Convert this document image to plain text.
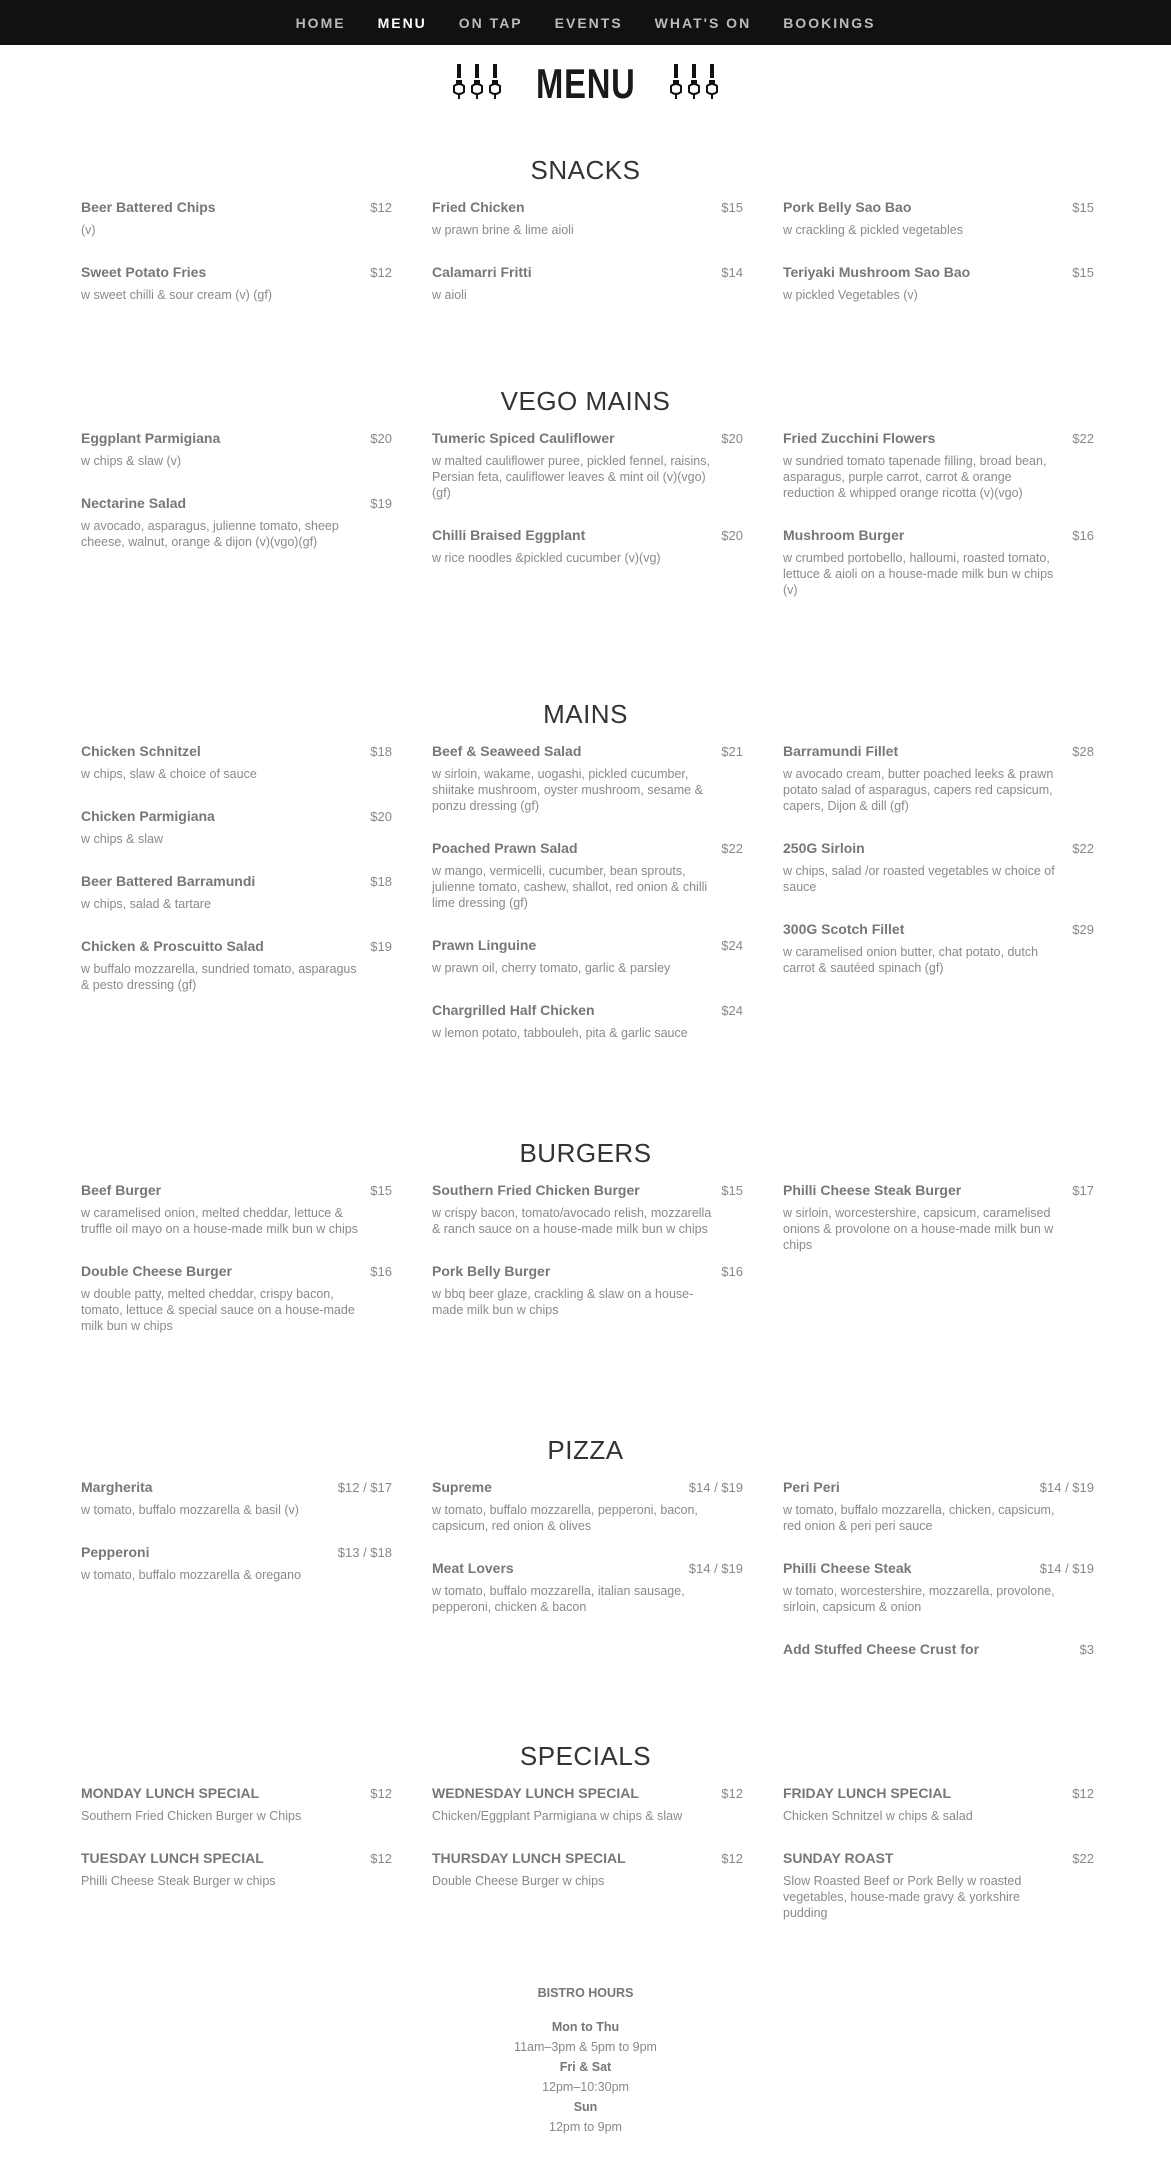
HOME MENU ON TAP EVENTS WHAT'S ON BOOKINGS
MENU
SNACKS
Beer Battered Chips	$12
(v)
Sweet Potato Fries	$12
w sweet chilli & sour cream (v) (gf)
Fried Chicken	$15
w prawn brine & lime aioli
Calamarri Fritti	$14
w aioli
Pork Belly Sao Bao	$15
w crackling & pickled vegetables
Teriyaki Mushroom Sao Bao	$15
w pickled Vegetables (v)
VEGO MAINS
Eggplant Parmigiana	$20
w chips & slaw (v)
Nectarine Salad	$19
w avocado, asparagus, julienne tomato, sheep cheese, walnut, orange & dijon (v)(vgo)(gf)
Tumeric Spiced Cauliflower	$20
w malted cauliflower puree, pickled fennel, raisins, Persian feta, cauliflower leaves & mint oil (v)(vgo)(gf)
Chilli Braised Eggplant	$20
w rice noodles &pickled cucumber (v)(vg)
Fried Zucchini Flowers	$22
w sundried tomato tapenade filling, broad bean, asparagus, purple carrot, carrot & orange reduction & whipped orange ricotta (v)(vgo)
Mushroom Burger	$16
w crumbed portobello, halloumi, roasted tomato, lettuce & aioli on a house-made milk bun w chips (v)
MAINS
Chicken Schnitzel	$18
w chips, slaw & choice of sauce
Chicken Parmigiana	$20
w chips & slaw
Beer Battered Barramundi	$18
w chips, salad & tartare
Chicken & Proscuitto Salad	$19
w buffalo mozzarella, sundried tomato, asparagus & pesto dressing (gf)
Beef & Seaweed Salad	$21
w sirloin, wakame, uogashi, pickled cucumber, shiitake mushroom, oyster mushroom, sesame & ponzu dressing (gf)
Poached Prawn Salad	$22
w mango, vermicelli, cucumber, bean sprouts, julienne tomato, cashew, shallot, red onion & chilli lime dressing (gf)
Prawn Linguine	$24
w prawn oil, cherry tomato, garlic & parsley
Chargrilled Half Chicken	$24
w lemon potato, tabbouleh, pita & garlic sauce
Barramundi Fillet	$28
w avocado cream, butter poached leeks & prawn potato salad of asparagus, capers red capsicum, capers, Dijon & dill (gf)
250G Sirloin	$22
w chips, salad /or roasted vegetables w choice of sauce
300G Scotch Fillet	$29
w caramelised onion butter, chat potato, dutch carrot & sautéed spinach (gf)
BURGERS
Beef Burger	$15
w caramelised onion, melted cheddar, lettuce & truffle oil mayo on a house-made milk bun w chips
Double Cheese Burger	$16
w double patty, melted cheddar, crispy bacon, tomato, lettuce & special sauce on a house-made milk bun w chips
Southern Fried Chicken Burger	$15
w crispy bacon, tomato/avocado relish, mozzarella & ranch sauce on a house-made milk bun w chips
Pork Belly Burger	$16
w bbq beer glaze, crackling & slaw on a house-made milk bun w chips
Philli Cheese Steak Burger	$17
w sirloin, worcestershire, capsicum, caramelised onions & provolone on a house-made milk bun w chips
PIZZA
Margherita	$12 / $17
w tomato, buffalo mozzarella & basil (v)
Pepperoni	$13 / $18
w tomato, buffalo mozzarella & oregano
Supreme	$14 / $19
w tomato, buffalo mozzarella, pepperoni, bacon, capsicum, red onion & olives
Meat Lovers	$14 / $19
w tomato, buffalo mozzarella, italian sausage, pepperoni, chicken & bacon
Peri Peri	$14 / $19
w tomato, buffalo mozzarella, chicken, capsicum, red onion & peri peri sauce
Philli Cheese Steak	$14 / $19
w tomato, worcestershire, mozzarella, provolone, sirloin, capsicum & onion
Add Stuffed Cheese Crust for	$3
SPECIALS
MONDAY LUNCH SPECIAL	$12
Southern Fried Chicken Burger w Chips
TUESDAY LUNCH SPECIAL	$12
Philli Cheese Steak Burger w chips
WEDNESDAY LUNCH SPECIAL	$12
Chicken/Eggplant Parmigiana w chips & slaw
THURSDAY LUNCH SPECIAL	$12
Double Cheese Burger w chips
FRIDAY LUNCH SPECIAL	$12
Chicken Schnitzel w chips & salad
SUNDAY ROAST	$22
Slow Roasted Beef or Pork Belly w roasted vegetables, house-made gravy & yorkshire pudding
BISTRO HOURS
Mon to Thu
11am–3pm & 5pm to 9pm
Fri & Sat
12pm–10:30pm
Sun
12pm to 9pm
